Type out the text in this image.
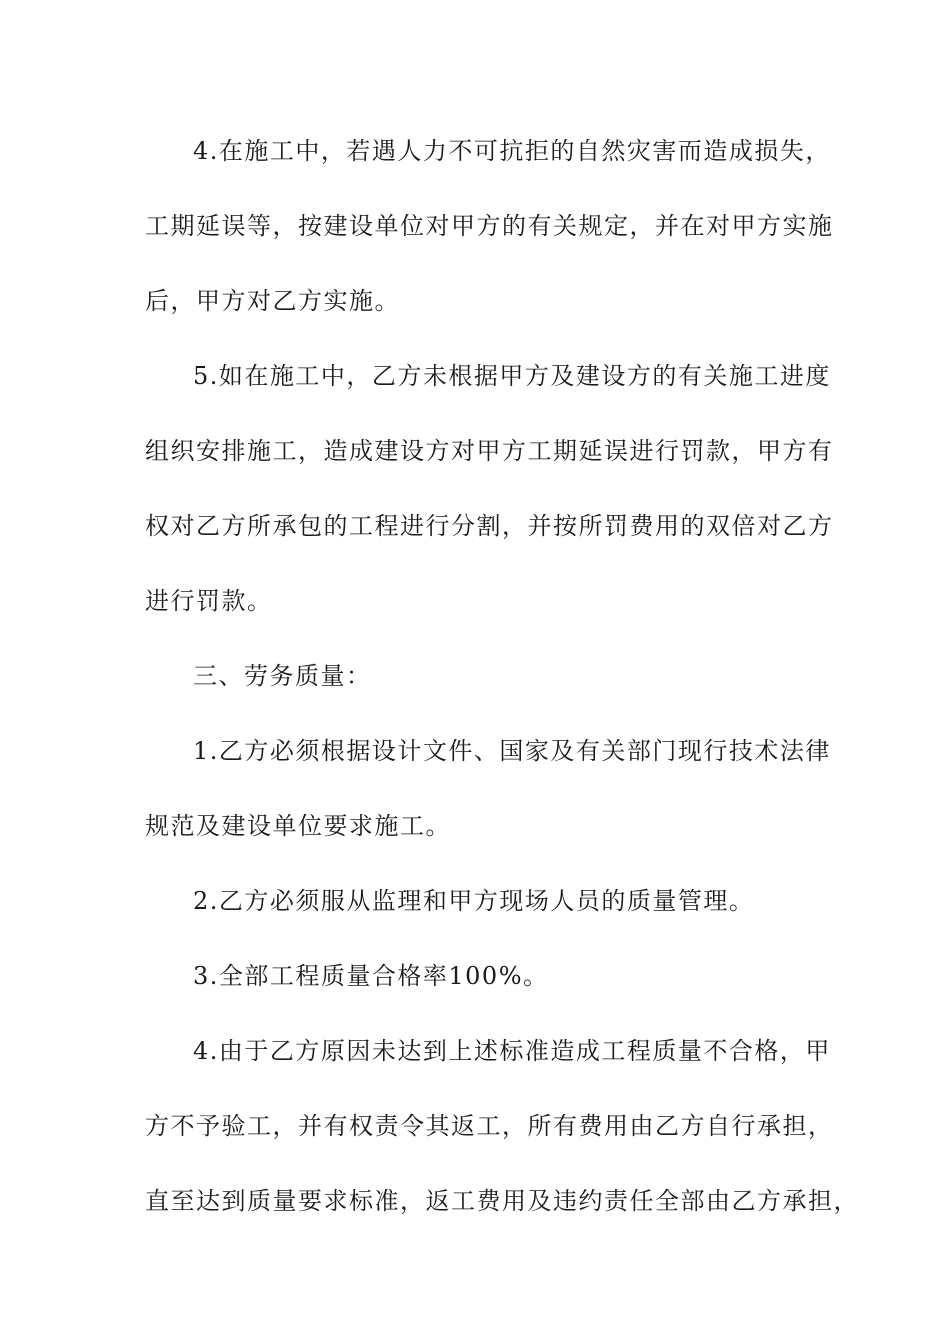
4.在施工中，若遇人力不可抗拒的自然灾害而造成损失，
工期延误等，按建设单位对甲方的有关规定，并在对甲方实施
后，甲方对乙方实施。
5.如在施工中，乙方未根据甲方及建设方的有关施工进度
组织安排施工，造成建设方对甲方工期延误进行罚款，甲方有
权对乙方所承包的工程进行分割，并按所罚费用的双倍对乙方
进行罚款。
三、劳务质量：
1.乙方必须根据设计文件、国家及有关部门现行技术法律
规范及建设单位要求施工。
2.乙方必须服从监理和甲方现场人员的质量管理。
3.全部工程质量合格率100%。
4.由于乙方原因未达到上述标准造成工程质量不合格，甲
方不予验工，并有权责令其返工，所有费用由乙方自行承担，
直至达到质量要求标准，返工费用及违约责任全部由乙方承担，
